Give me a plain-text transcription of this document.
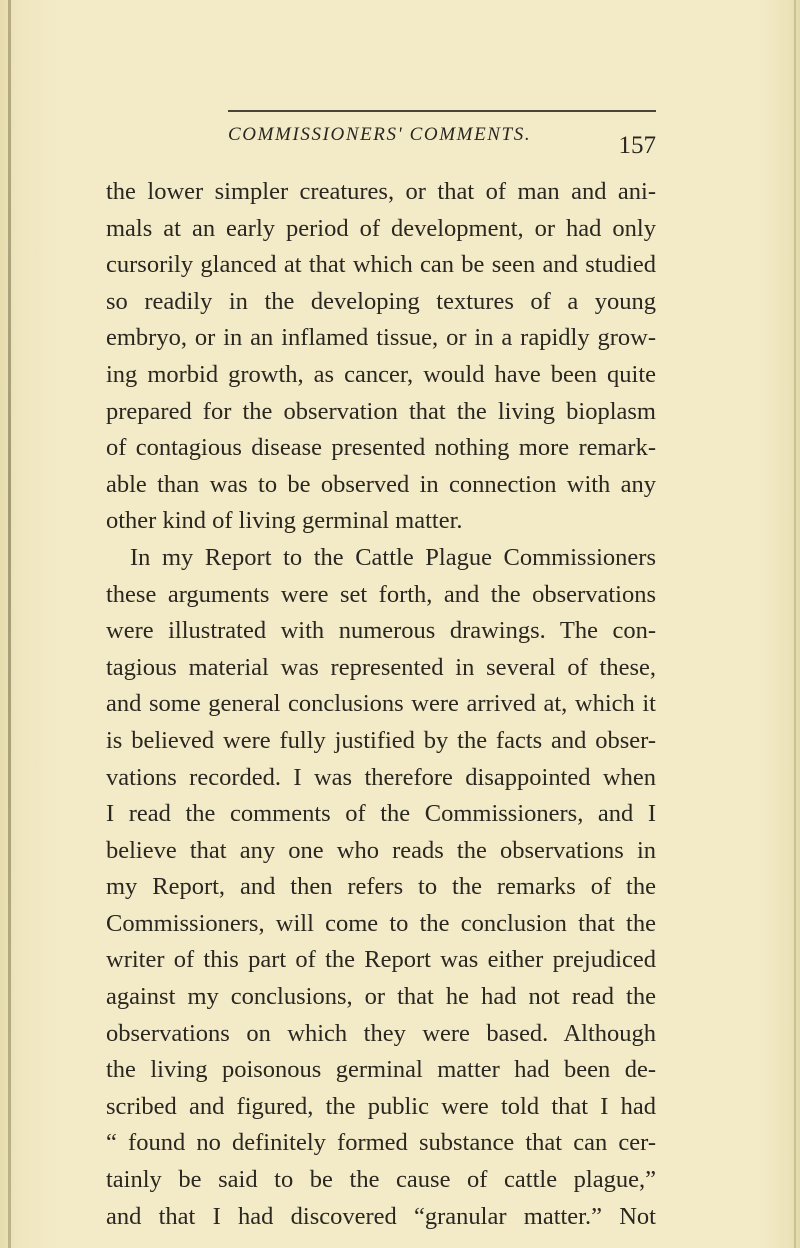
COMMISSIONERS' COMMENTS.	157
the lower simpler creatures, or that of man and ani-
mals at an early period of development, or had only
cursorily glanced at that which can be seen and studied
so readily in the developing textures of a young
embryo, or in an inflamed tissue, or in a rapidly grow-
ing morbid growth, as cancer, would have been quite
prepared for the observation that the living bioplasm
of contagious disease presented nothing more remark-
able than was to be observed in connection with any
other kind of living germinal matter.
In my Report to the Cattle Plague Commissioners
these arguments were set forth, and the observations
were illustrated with numerous drawings. The con-
tagious material was represented in several of these,
and some general conclusions were arrived at, which it
is believed were fully justified by the facts and obser-
vations recorded. I was therefore disappointed when
I read the comments of the Commissioners, and I
believe that any one who reads the observations in
my Report, and then refers to the remarks of the
Commissioners, will come to the conclusion that the
writer of this part of the Report was either prejudiced
against my conclusions, or that he had not read the
observations on which they were based. Although
the living poisonous germinal matter had been de-
scribed and figured, the public were told that I had
“ found no definitely formed substance that can cer-
tainly be said to be the cause of cattle plague,”
and that I had discovered “granular matter.” Not
